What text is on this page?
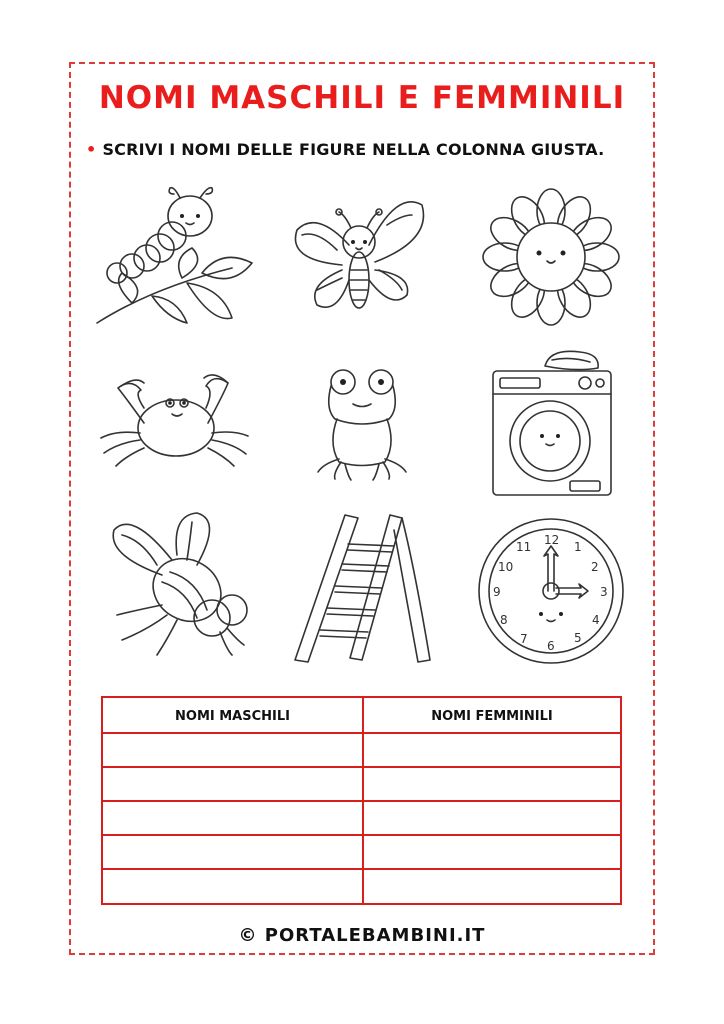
NOMI MASCHILI E FEMMINILI
• SCRIVI I NOMI DELLE FIGURE NELLA COLONNA GIUSTA.
12 1
2
3
4
5
6
7
8
9
10
11
NOMI MASCHILI	NOMI FEMMINILI
© PORTALEBAMBINI.IT
